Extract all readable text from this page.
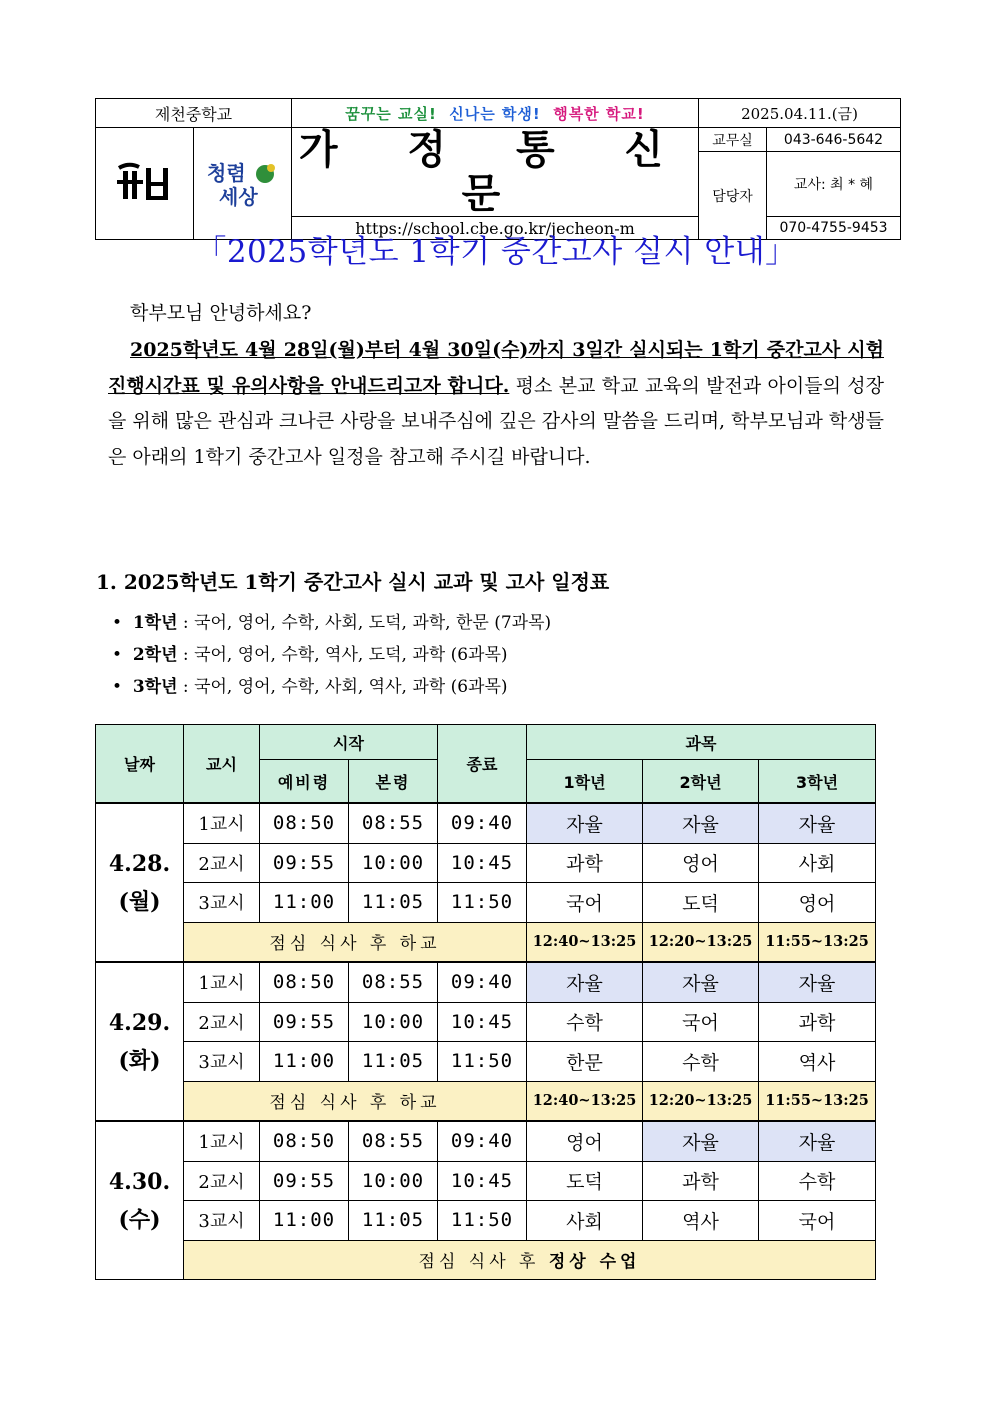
제천중학교		꿈꾸는 교실! 신나는 학생! 행복한 학교!	2025.04.11.(금)	

청렴
세상	가 정 통 신 문	교무실	043-646-5642
			담당자	교사: 최 * 혜
		https://school.cbe.go.kr/jecheon-m		070-4755-9453
「2025학년도 1학기 중간고사 실시 안내」
학부모님 안녕하세요?
2025학년도 4월 28일(월)부터 4월 30일(수)까지 3일간 실시되는 1학기 중간고사 시험 진행시간표 및 유의사항을 안내드리고자 합니다. 평소 본교 학교 교육의 발전과 아이들의 성장을 위해 많은 관심과 크나큰 사랑을 보내주심에 깊은 감사의 말씀을 드리며, 학부모님과 학생들은 아래의 1학기 중간고사 일정을 참고해 주시길 바랍니다.
1. 2025학년도 1학기 중간고사 실시 교과 및 고사 일정표
•  1학년 : 국어, 영어, 수학, 사회, 도덕, 과학, 한문 (7과목)
•  2학년 : 국어, 영어, 수학, 역사, 도덕, 과학 (6과목)
•  3학년 : 국어, 영어, 수학, 사회, 역사, 과학 (6과목)
날짜	교시	시작		종료	과목		
		예비령	본령		1학년	2학년	3학년
4.28.
(월)	1교시	08:50	08:55	09:40	자율	자율	자율
	2교시	09:55	10:00	10:45	과학	영어	사회
	3교시	11:00	11:05	11:50	국어	도덕	영어
	점심 식사 후 하교				12:40~13:25	12:20~13:25	11:55~13:25
4.29.
(화)	1교시	08:50	08:55	09:40	자율	자율	자율
	2교시	09:55	10:00	10:45	수학	국어	과학
	3교시	11:00	11:05	11:50	한문	수학	역사
	점심 식사 후 하교				12:40~13:25	12:20~13:25	11:55~13:25
4.30.
(수)	1교시	08:50	08:55	09:40	영어	자율	자율
	2교시	09:55	10:00	10:45	도덕	과학	수학
	3교시	11:00	11:05	11:50	사회	역사	국어
	점심 식사 후 정상 수업						
